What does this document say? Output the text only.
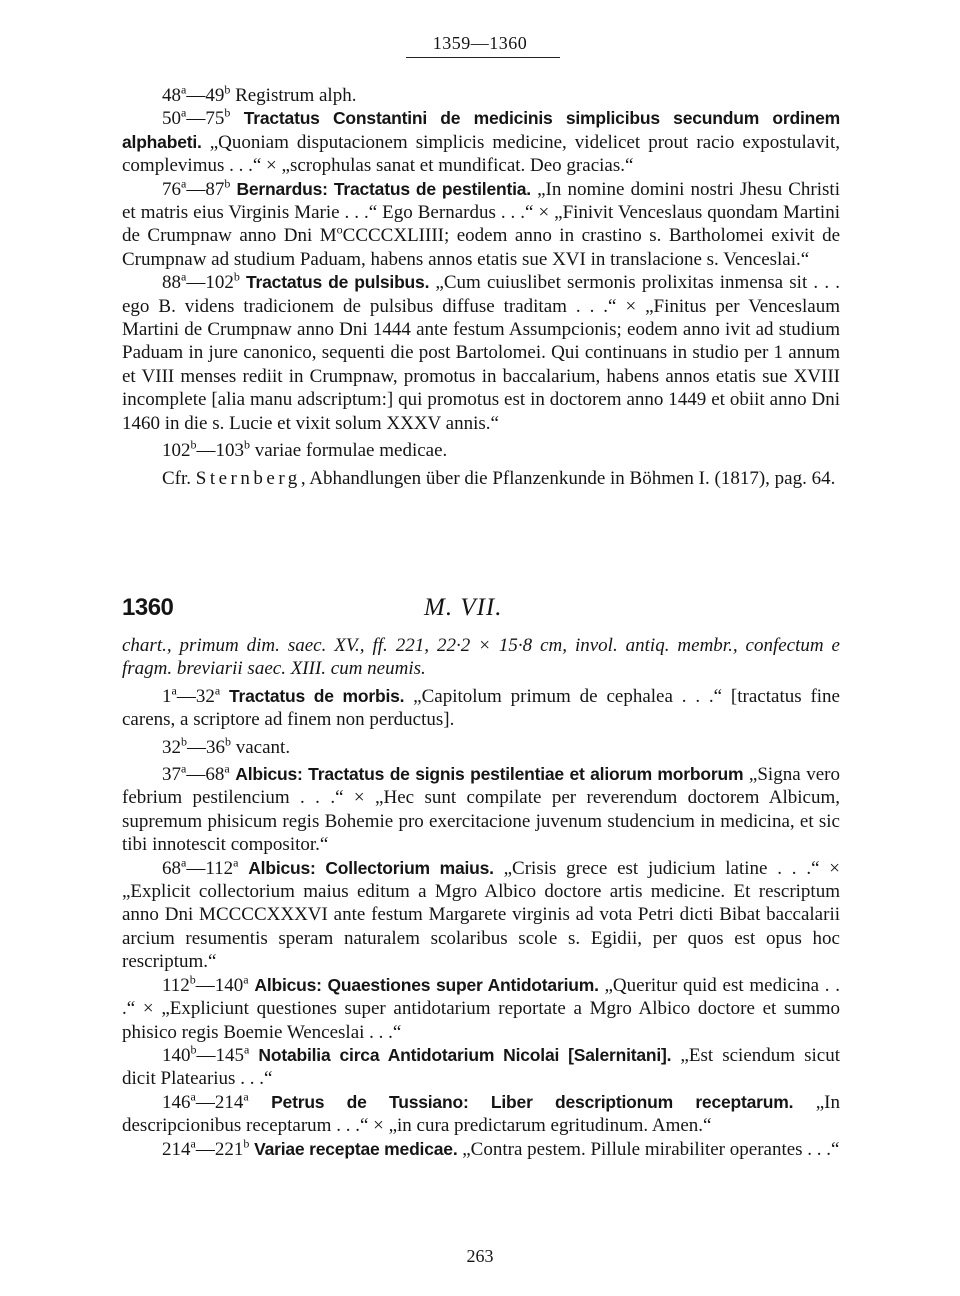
1359—1360

48$^a$—49$^b$ Registrum alph.

50$^a$—75$^b$ Tractatus Constantini de medicinis simplicibus secundum ordinem alphabeti. „Quoniam disputacionem simplicis medicine, videlicet prout racio expostulavit, complevimus . . .“ × „scrophulas sanat et mundificat. Deo gracias.“

76$^a$—87$^b$ Bernardus: Tractatus de pestilentia. „In nomine domini nostri Jhesu Christi et matris eius Virginis Marie . . .“ Ego Bernardus . . .“ × „Finivit Venceslaus quondam Martini de Crumpnaw anno Dni $M^oCCCCXLIIII$; eodem anno in crastino s. Bartholomei exivit de Crumpnaw ad studium Paduam, habens annos etatis sue XVI in translacione s. Venceslai.“

88$^a$—102$^b$ Tractatus de pulsibus. „Cum cuiuslibet sermonis prolixitas inmensa sit . . . ego B. videns tradicionem de pulsibus diffuse traditam . . .“ × „Finitus per Venceslaum Martini de Crumpnaw anno Dni 1444 ante festum Assumpcionis; eodem anno ivit ad studium Paduam in jure canonico, sequenti die post Bartolomei. Qui continuans in studio per 1 annum et VIII menses rediit in Crumpnaw, promotus in baccalarium, habens annos etatis sue XVIII incomplete [alia manu adscriptum:] qui promotus est in doctorem anno 1449 et obiit anno Dni 1460 in die s. Lucie et vixit solum XXXV annis.“

102$^b$—103$^b$ variae formulae medicae.

Cfr. Sternberg, Abhandlungen über die Pflanzenkunde in Böhmen I. (1817), pag. 64.

1360	M. VII.

chart., primum dim. saec. XV., ff. 221, 22·2 × 15·8 cm, invol. antiq. membr., confectum e fragm. breviarii saec. XIII. cum neumis.

1$^a$—32$^a$ Tractatus de morbis. „Capitolum primum de cephalea . . .“ [tractatus fine carens, a scriptore ad finem non perductus].

32$^b$—36$^b$ vacant.

37$^a$—68$^a$ Albicus: Tractatus de signis pestilentiae et aliorum morborum „Signa vero febrium pestilencium . . .“ × „Hec sunt compilate per reverendum doctorem Albicum, supremum phisicum regis Bohemie pro exercitacione juvenum studencium in medicina, et sic tibi innotescit compositor.“

68$^a$—112$^a$ Albicus: Collectorium maius. „Crisis grece est judicium latine . . .“ × „Explicit collectorium maius editum a Mgro Albico doctore artis medicine. Et rescriptum anno Dni MCCCCXXXVI ante festum Margarete virginis ad vota Petri dicti Bibat baccalarii arcium resumentis speram naturalem scolaribus scole s. Egidii, per quos est opus hoc rescriptum.“

112$^b$—140$^a$ Albicus: Quaestiones super Antidotarium. „Queritur quid est medicina . . .“ × „Expliciunt questiones super antidotarium reportate a Mgro Albico doctore et summo phisico regis Boemie Wenceslai . . .“

140$^b$—145$^a$ Notabilia circa Antidotarium Nicolai [Salernitani]. „Est sciendum sicut dicit Platearius . . .“

146$^a$—214$^a$ Petrus de Tussiano: Liber descriptionum receptarum. „In descripcionibus receptarum . . .“ × „in cura predictarum egritudinum. Amen.“

214$^a$—221$^b$ Variae receptae medicae. „Contra pestem. Pillule mirabiliter operantes . . .“

263
